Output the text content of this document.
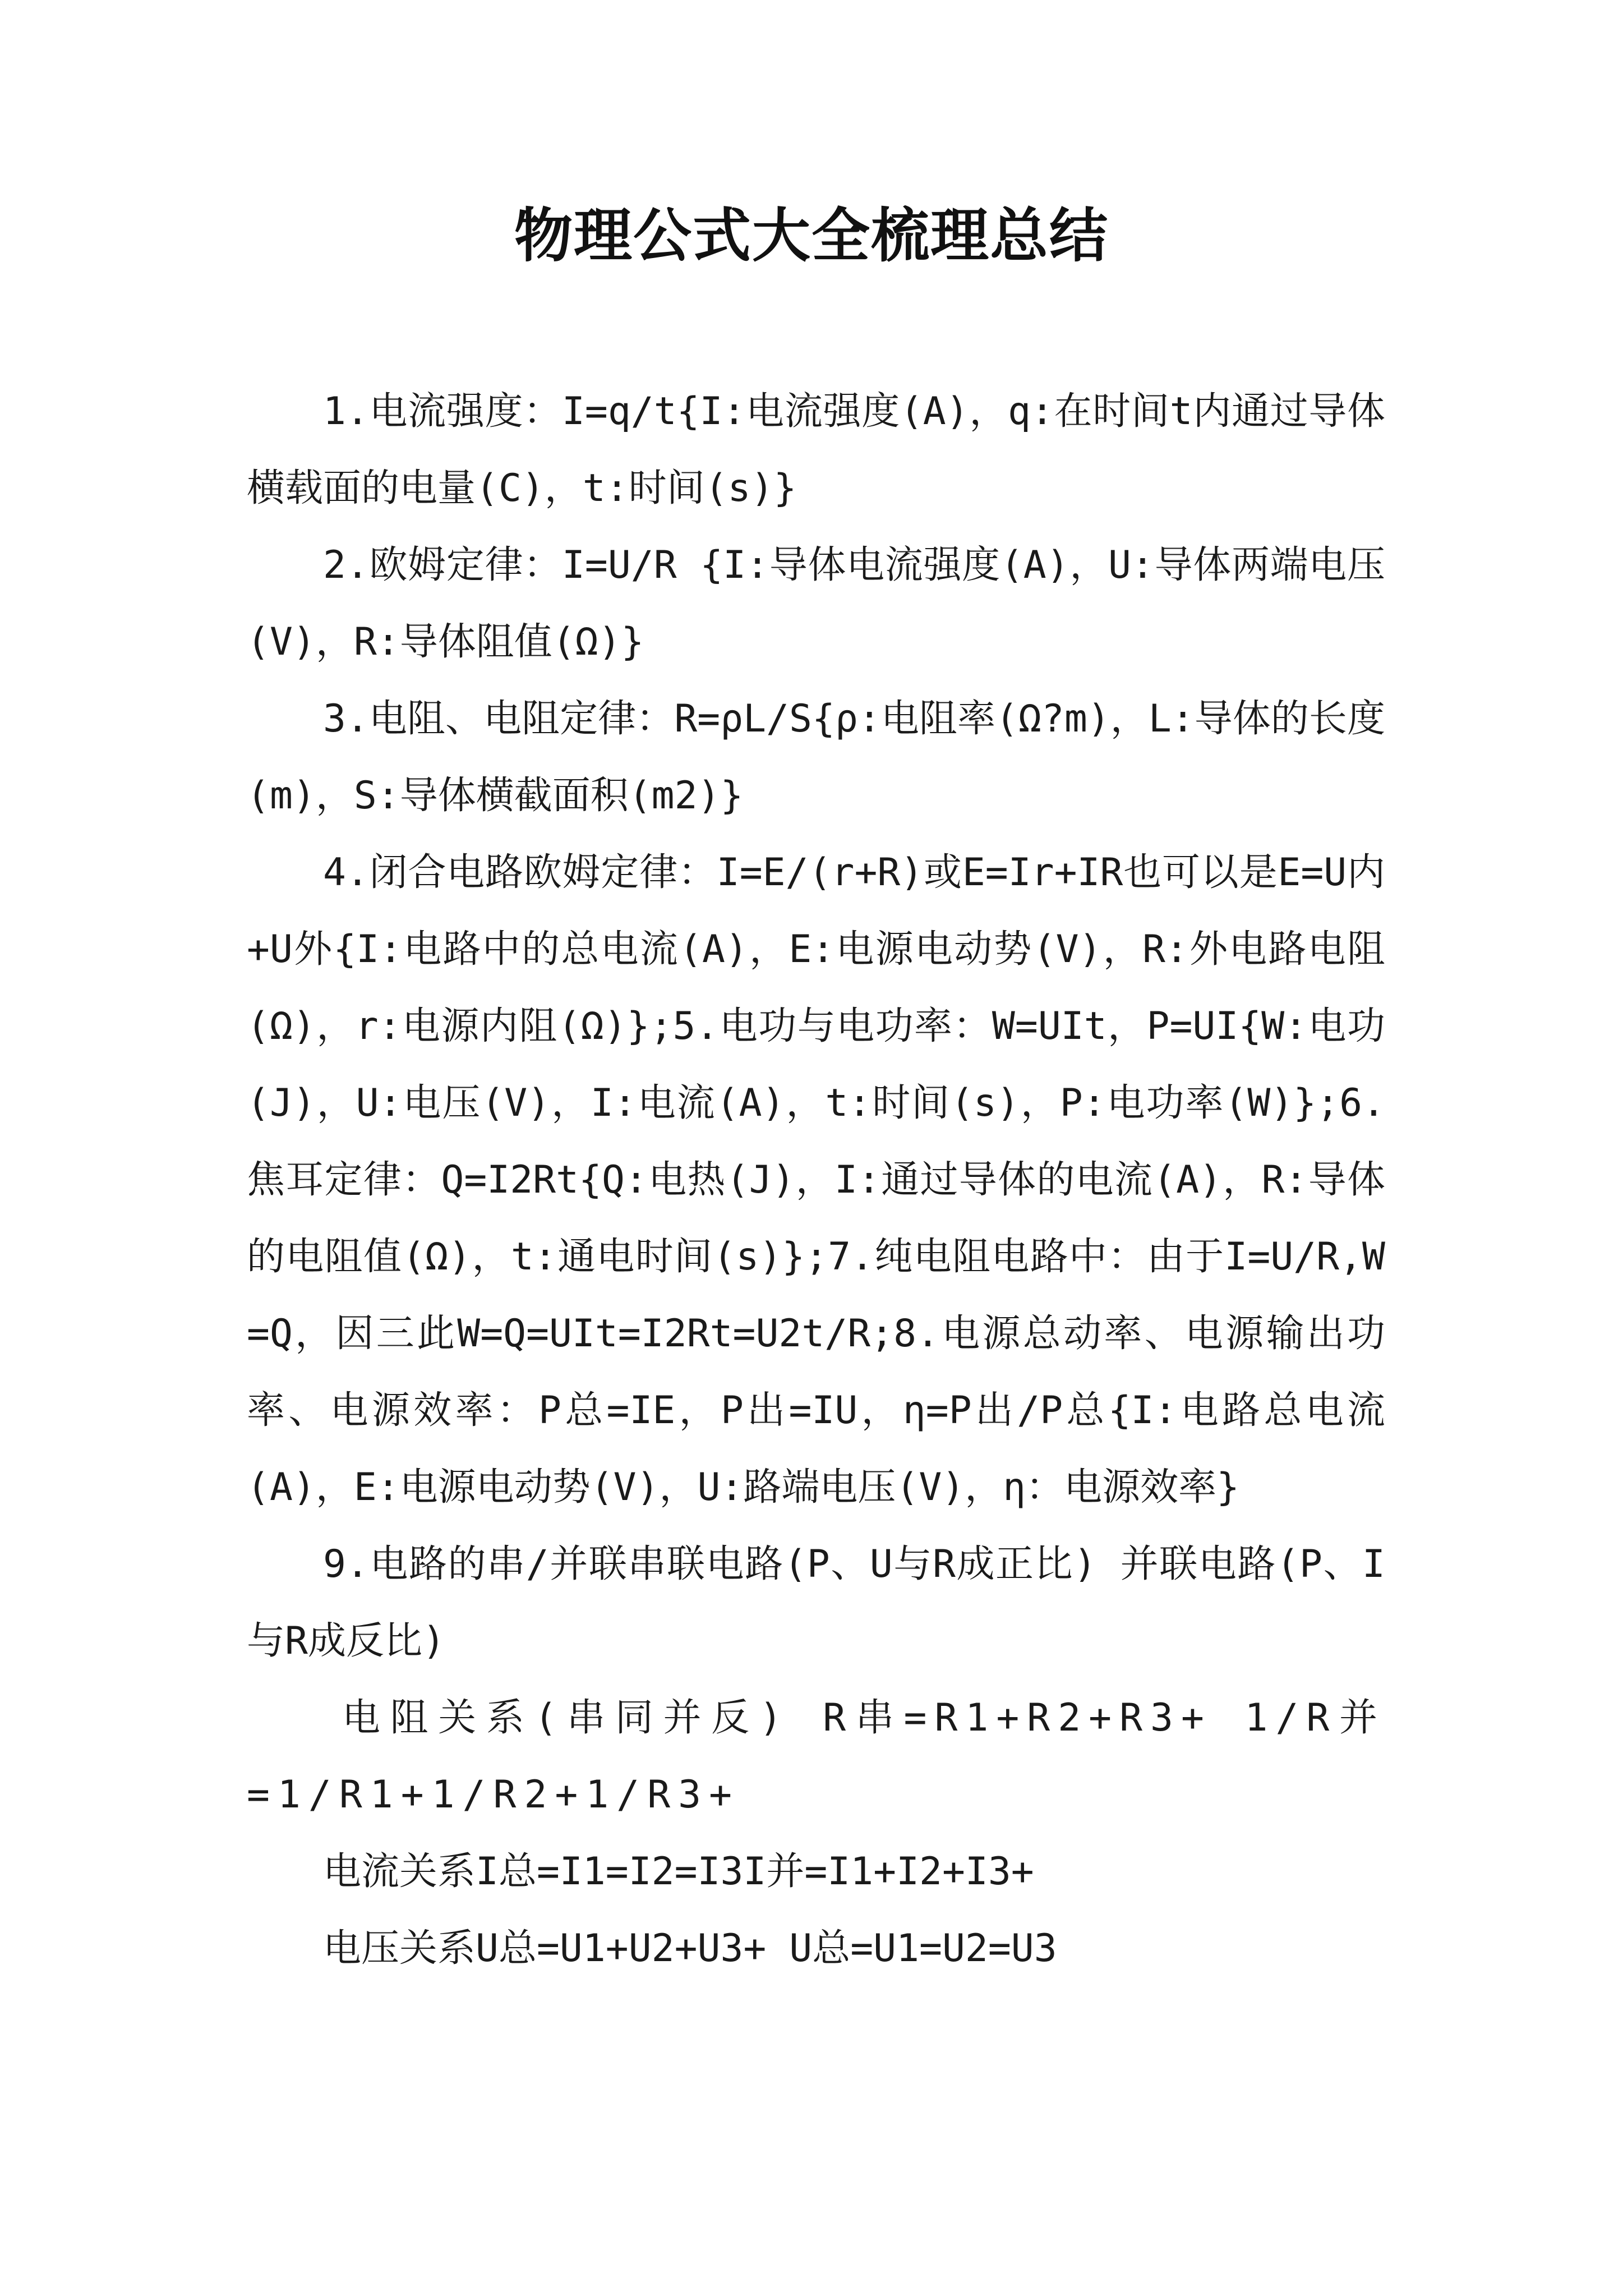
物理公式大全梳理总结

1.电流强度：I=q/t{I:电流强度(A)，q:在时间t内通过导体横载面的电量(C)，t:时间(s)}

2.欧姆定律：I=U/R {I:导体电流强度(A)，U:导体两端电压(V)，R:导体阻值(Ω)}

3.电阻、电阻定律：R=ρL/S{ρ:电阻率(Ω?m)，L:导体的长度(m)，S:导体横截面积(m2)}

4.闭合电路欧姆定律：I=E/(r+R)或E=Ir+IR也可以是E=U内+U外{I:电路中的总电流(A)，E:电源电动势(V)，R:外电路电阻(Ω)，r:电源内阻(Ω)};5.电功与电功率：W=UIt，P=UI{W:电功(J)，U:电压(V)，I:电流(A)，t:时间(s)，P:电功率(W)};6.焦耳定律：Q=I2Rt{Q:电热(J)，I:通过导体的电流(A)，R:导体的电阻值(Ω)，t:通电时间(s)};7.纯电阻电路中：由于I=U/R,W=Q，因三此W=Q=UIt=I2Rt=U2t/R;8.电源总动率、电源输出功率、电源效率：P总=IE，P出=IU，η=P出/P总{I:电路总电流(A)，E:电源电动势(V)，U:路端电压(V)，η：电源效率}

9.电路的串/并联串联电路(P、U与R成正比) 并联电路(P、I与R成反比)

电阻关系(串同并反) R串=R1+R2+R3+ 1/R并=1/R1+1/R2+1/R3+

电流关系I总=I1=I2=I3I并=I1+I2+I3+

电压关系U总=U1+U2+U3+ U总=U1=U2=U3
